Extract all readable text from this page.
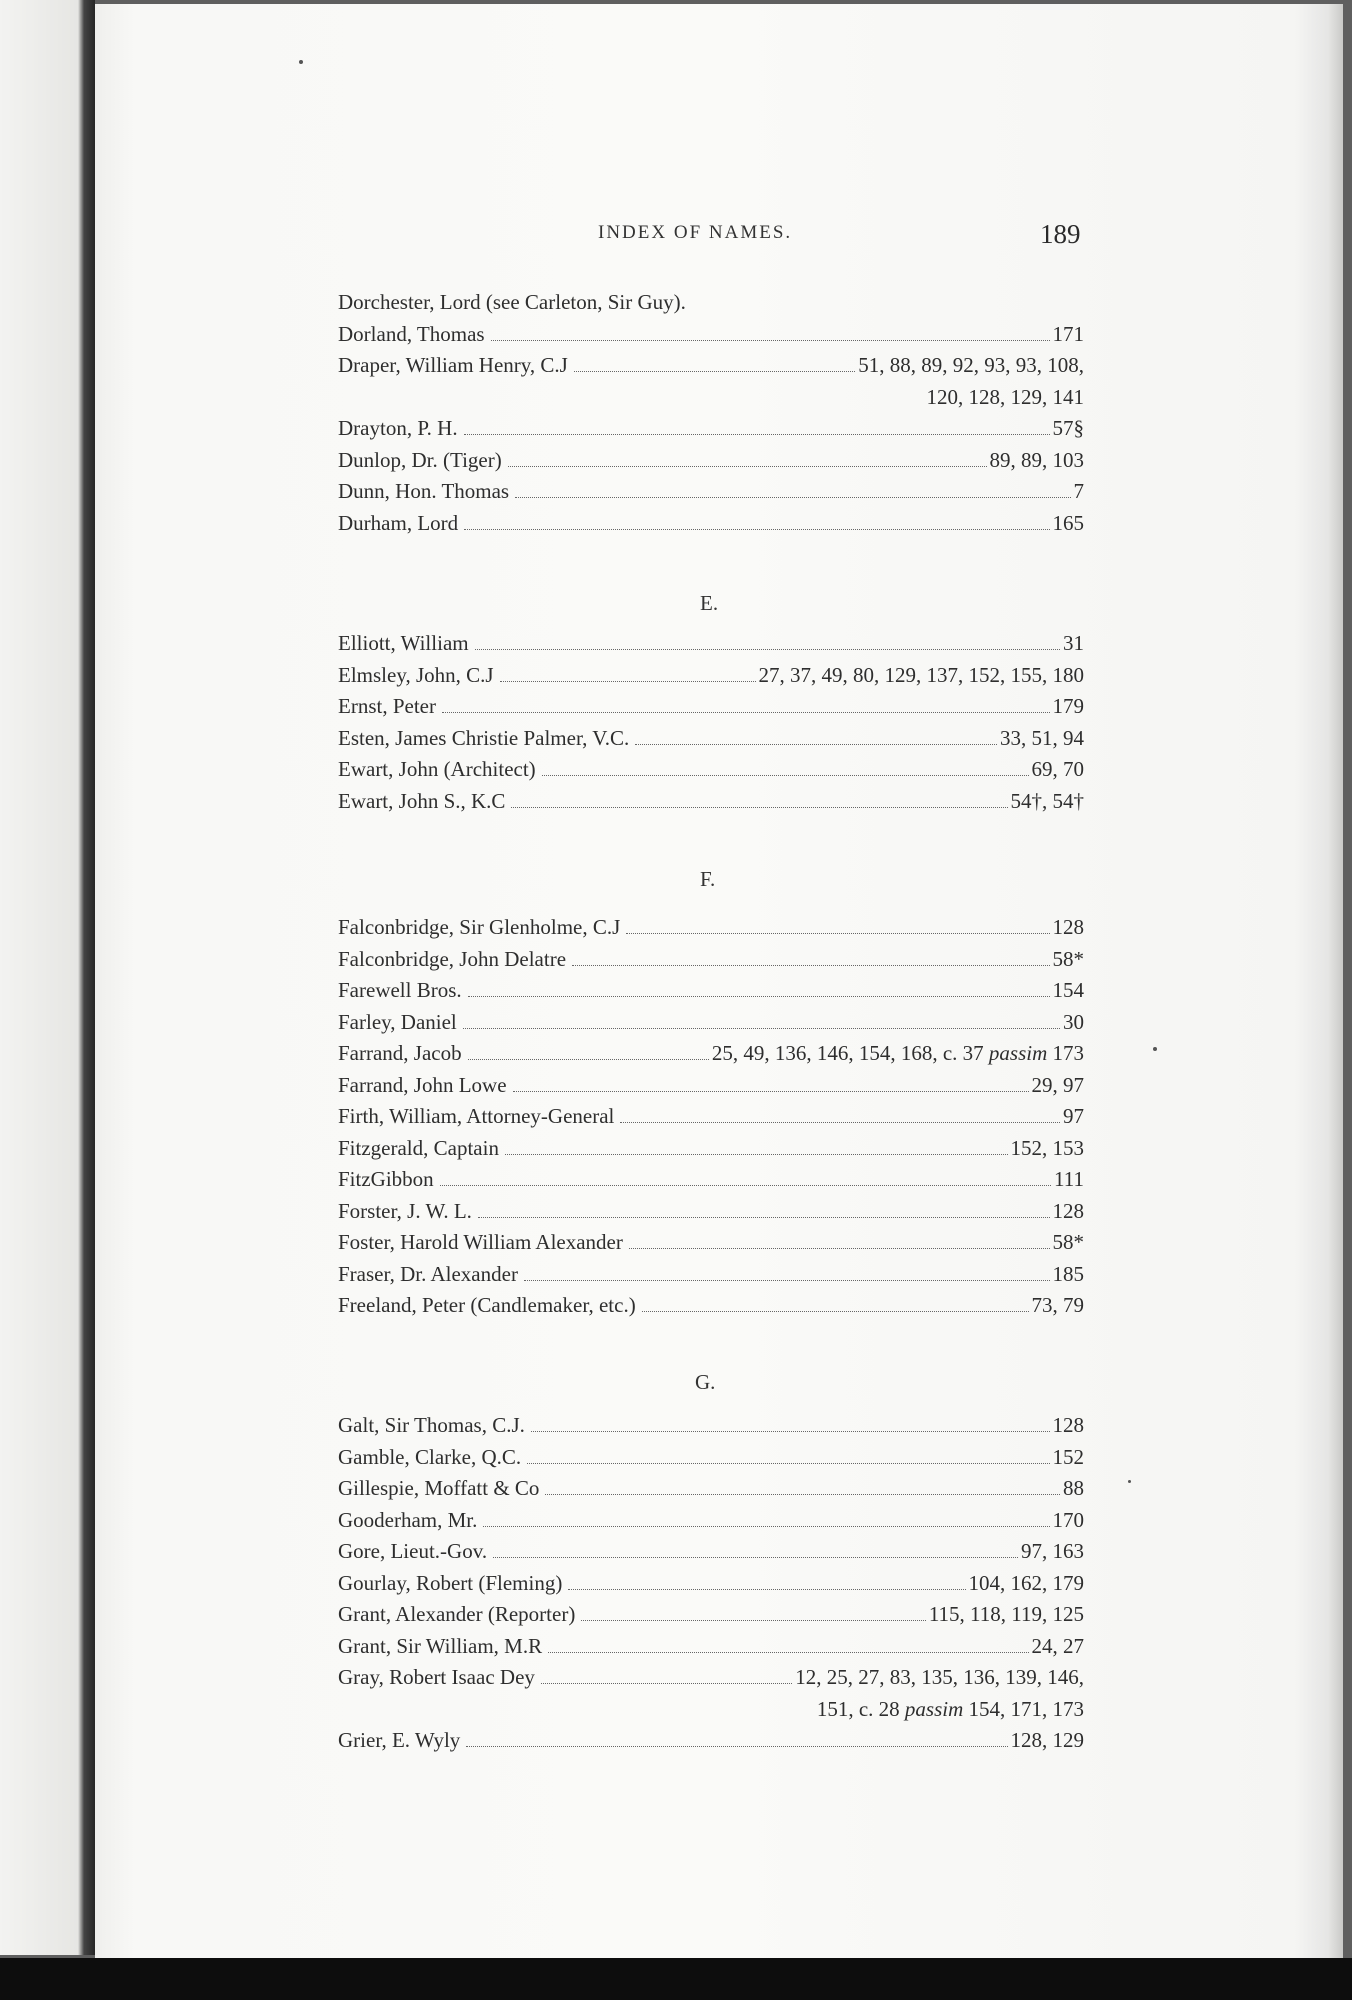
INDEX OF NAMES.	189
Dorchester, Lord (see Carleton, Sir Guy).
Dorland, Thomas	171
Draper, William Henry, C.J	51, 88, 89, 92, 93, 93, 108,
120, 128, 129, 141
Drayton, P. H.	57§
Dunlop, Dr. (Tiger)	89, 89, 103
Dunn, Hon. Thomas	7
Durham, Lord	165
E.
Elliott, William	31
Elmsley, John, C.J	27, 37, 49, 80, 129, 137, 152, 155, 180
Ernst, Peter	179
Esten, James Christie Palmer, V.C.	33, 51, 94
Ewart, John (Architect)	69, 70
Ewart, John S., K.C	54†, 54†
F.
Falconbridge, Sir Glenholme, C.J	128
Falconbridge, John Delatre	58*
Farewell Bros.	154
Farley, Daniel	30
Farrand, Jacob	25, 49, 136, 146, 154, 168, c. 37 passim 173
Farrand, John Lowe	29, 97
Firth, William, Attorney-General	97
Fitzgerald, Captain	152, 153
FitzGibbon	111
Forster, J. W. L.	128
Foster, Harold William Alexander	58*
Fraser, Dr. Alexander	185
Freeland, Peter (Candlemaker, etc.)	73, 79
G.
Galt, Sir Thomas, C.J.	128
Gamble, Clarke, Q.C.	152
Gillespie, Moffatt & Co	88
Gooderham, Mr.	170
Gore, Lieut.-Gov.	97, 163
Gourlay, Robert (Fleming)	104, 162, 179
Grant, Alexander (Reporter)	115, 118, 119, 125
Grant, Sir William, M.R	24, 27
Gray, Robert Isaac Dey	12, 25, 27, 83, 135, 136, 139, 146,
151, c. 28 passim 154, 171, 173
Grier, E. Wyly	128, 129
